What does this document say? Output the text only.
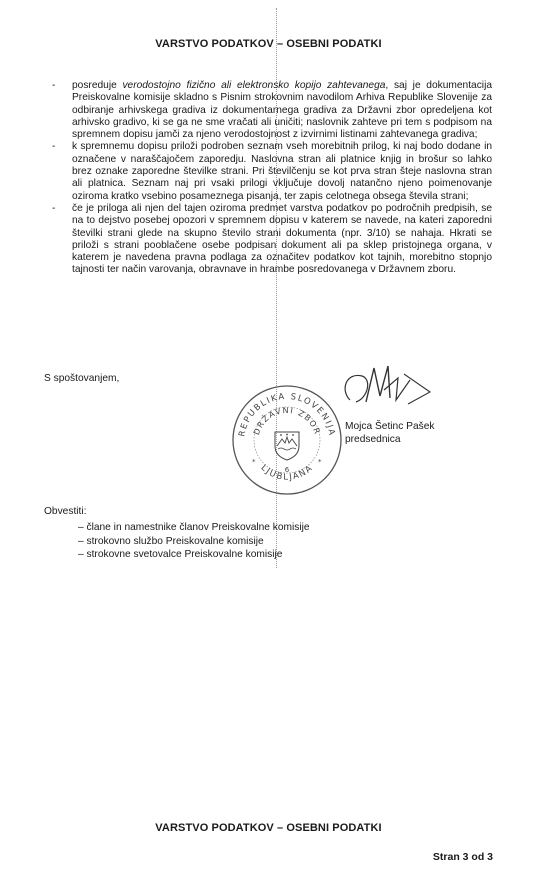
VARSTVO PODATKOV – OSEBNI PODATKI
- posreduje verodostojno fizično ali elektronsko kopijo zahtevanega, saj je dokumentacija Preiskovalne komisije skladno s Pisnim strokovnim navodilom Arhiva Republike Slovenije za odbiranje arhivskega gradiva iz dokumentarnega gradiva za Državni zbor opredeljena kot arhivsko gradivo, ki se ga ne sme vračati ali uničiti; naslovnik zahteve pri tem s podpisom na spremnem dopisu jamči za njeno verodostojnost z izvirnimi listinami zahtevanega gradiva;
- k spremnemu dopisu priloži podroben seznam vseh morebitnih prilog, ki naj bodo dodane in označene v naraščajočem zaporedju. Naslovna stran ali platnice knjig in brošur so lahko brez oznake zaporedne številke strani. Pri številčenju se kot prva stran šteje naslovna stran ali platnica. Seznam naj pri vsaki prilogi vključuje dovolj natančno njeno poimenovanje oziroma kratko vsebino posameznega pisanja, ter zapis celotnega obsega števila strani;
- če je priloga ali njen del tajen oziroma predmet varstva podatkov po področnih predpisih, se na to dejstvo posebej opozori v spremnem dopisu v katerem se navede, na kateri zaporedni številki strani glede na skupno število strani dokumenta (npr. 3/10) se nahaja. Hkrati se priloži s strani pooblačene osebe podpisan dokument ali pa sklep pristojnega organa, v katerem je navedena pravna podlaga za označitev podatkov kot tajnih, morebitno stopnjo tajnosti ter način varovanja, obravnave in hrambe posredovanega v Državnem zboru.
S spoštovanjem,
REPUBLIKA SLOVENIJA
DRŽAVNI ZBOR
LJUBLJANA
6
*	*
Mojca Šetinc Pašek
predsednica
Obvestiti:
– člane in namestnike članov Preiskovalne komisije
– strokovno službo Preiskovalne komisije
– strokovne svetovalce Preiskovalne komisije
VARSTVO PODATKOV – OSEBNI PODATKI
Stran 3 od 3
